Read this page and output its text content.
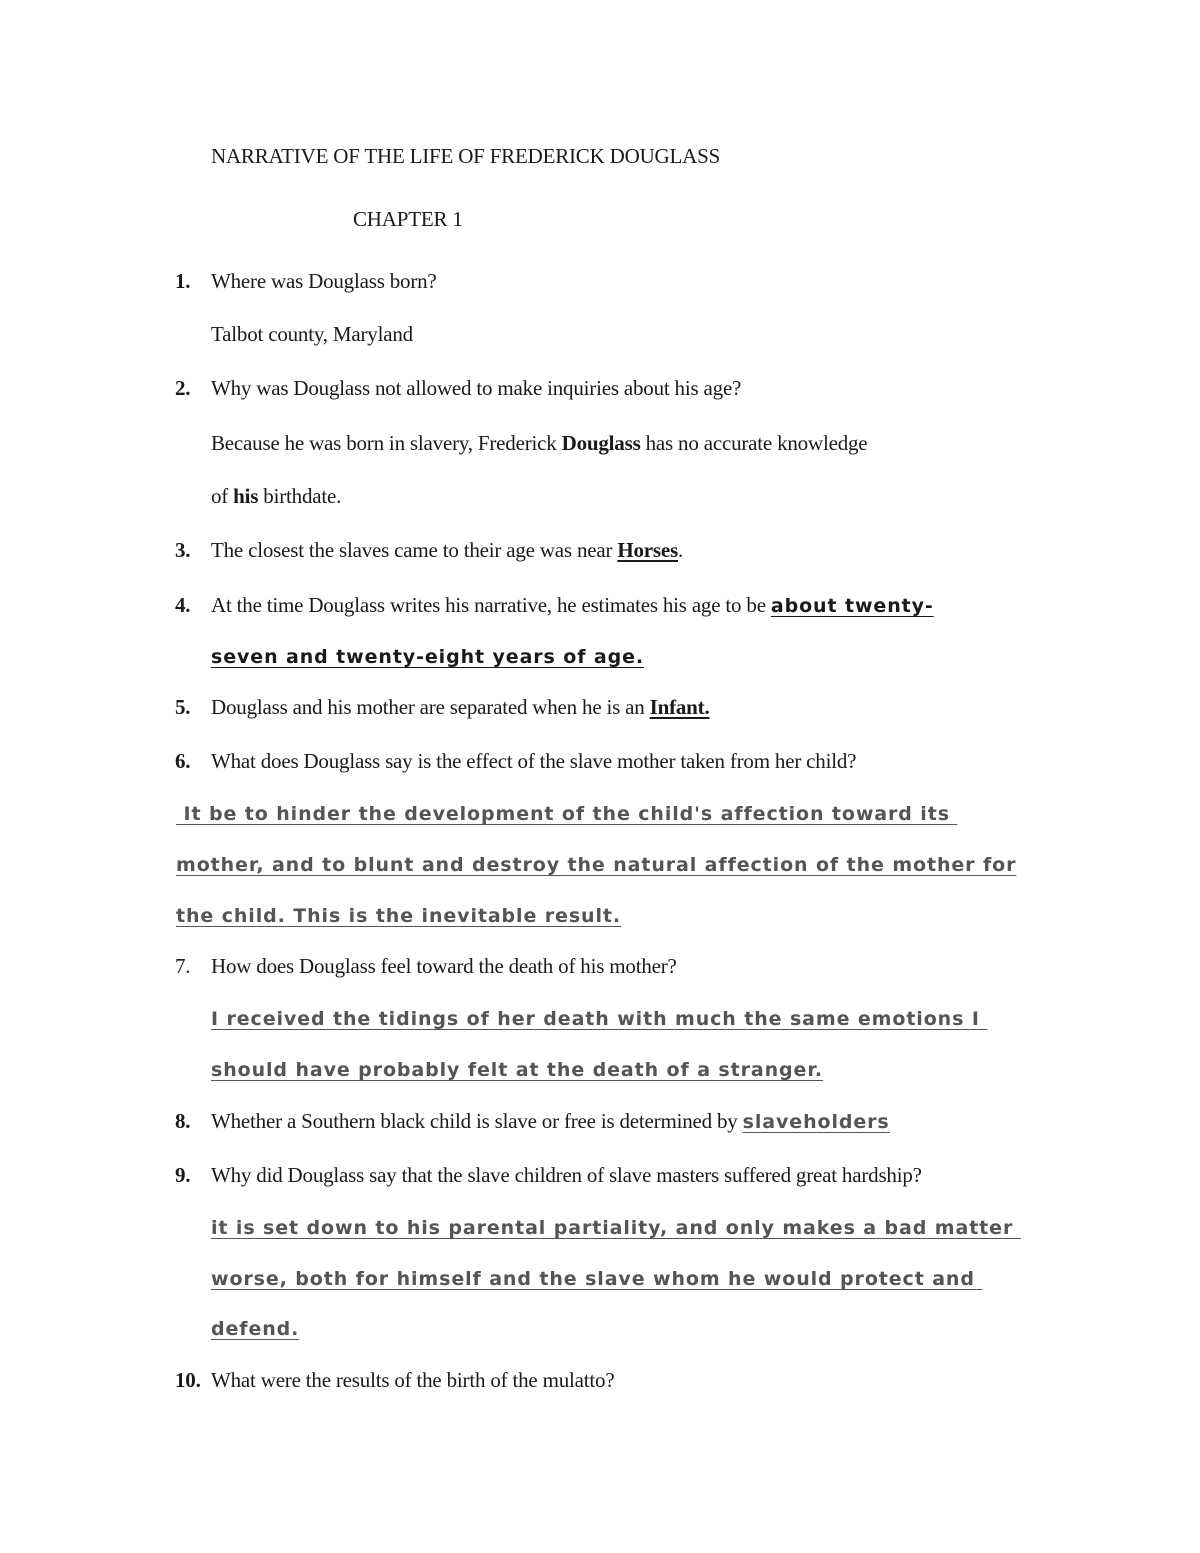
NARRATIVE OF THE LIFE OF FREDERICK DOUGLASS
CHAPTER 1
1. Where was Douglass born?
Talbot county, Maryland
2. Why was Douglass not allowed to make inquiries about his age?
Because he was born in slavery, Frederick Douglass has no accurate knowledge
of his birthdate.
3. The closest the slaves came to their age was near Horses.
4. At the time Douglass writes his narrative, he estimates his age to be about twenty-
seven and twenty-eight years of age.
5. Douglass and his mother are separated when he is an Infant.
6. What does Douglass say is the effect of the slave mother taken from her child?
It be to hinder the development of the child's affection toward its
mother, and to blunt and destroy the natural affection of the mother for
the child. This is the inevitable result.
7. How does Douglass feel toward the death of his mother?
I received the tidings of her death with much the same emotions I
should have probably felt at the death of a stranger.
8. Whether a Southern black child is slave or free is determined by slaveholders
9. Why did Douglass say that the slave children of slave masters suffered great hardship?
it is set down to his parental partiality, and only makes a bad matter
worse, both for himself and the slave whom he would protect and
defend.
10. What were the results of the birth of the mulatto?
